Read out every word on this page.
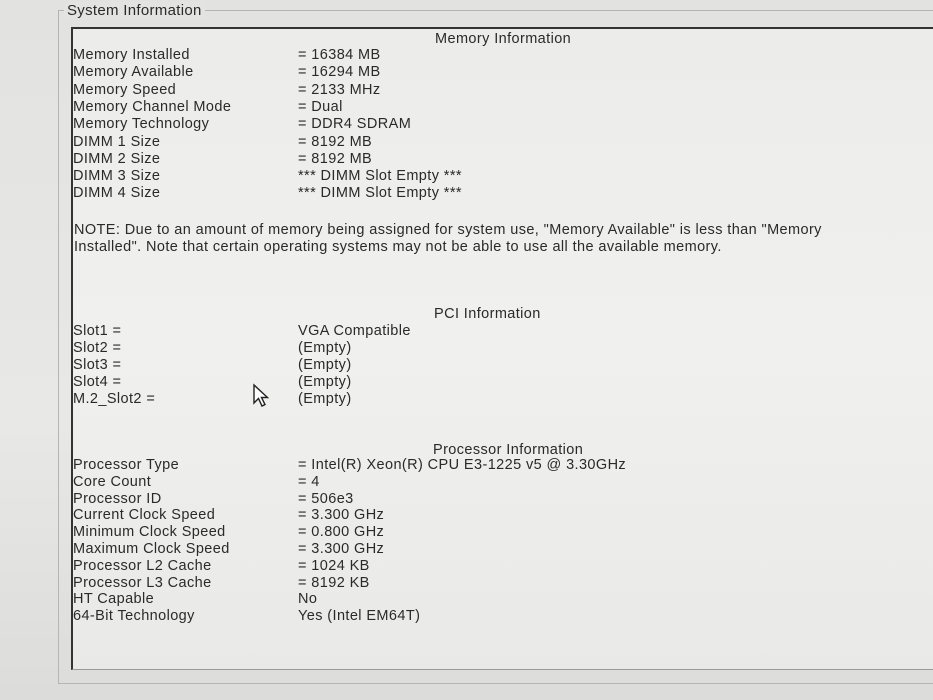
System Information
Memory Information
Memory Installed	= 16384 MB
Memory Available	= 16294 MB
Memory Speed	= 2133 MHz
Memory Channel Mode	= Dual
Memory Technology	= DDR4 SDRAM
DIMM 1 Size	= 8192 MB
DIMM 2 Size	= 8192 MB
DIMM 3 Size	*** DIMM Slot Empty ***
DIMM 4 Size	*** DIMM Slot Empty ***
NOTE: Due to an amount of memory being assigned for system use, "Memory Available" is less than "Memory Installed". Note that certain operating systems may not be able to use all the available memory.
PCI Information
Slot1 =	VGA Compatible
Slot2 =	(Empty)
Slot3 =	(Empty)
Slot4 =	(Empty)
M.2_Slot2 =	(Empty)
Processor Information
Processor Type	= Intel(R) Xeon(R) CPU E3-1225 v5 @ 3.30GHz
Core Count	= 4
Processor ID	= 506e3
Current Clock Speed	= 3.300 GHz
Minimum Clock Speed	= 0.800 GHz
Maximum Clock Speed	= 3.300 GHz
Processor L2 Cache	= 1024 KB
Processor L3 Cache	= 8192 KB
HT Capable	No
64-Bit Technology	Yes (Intel EM64T)
